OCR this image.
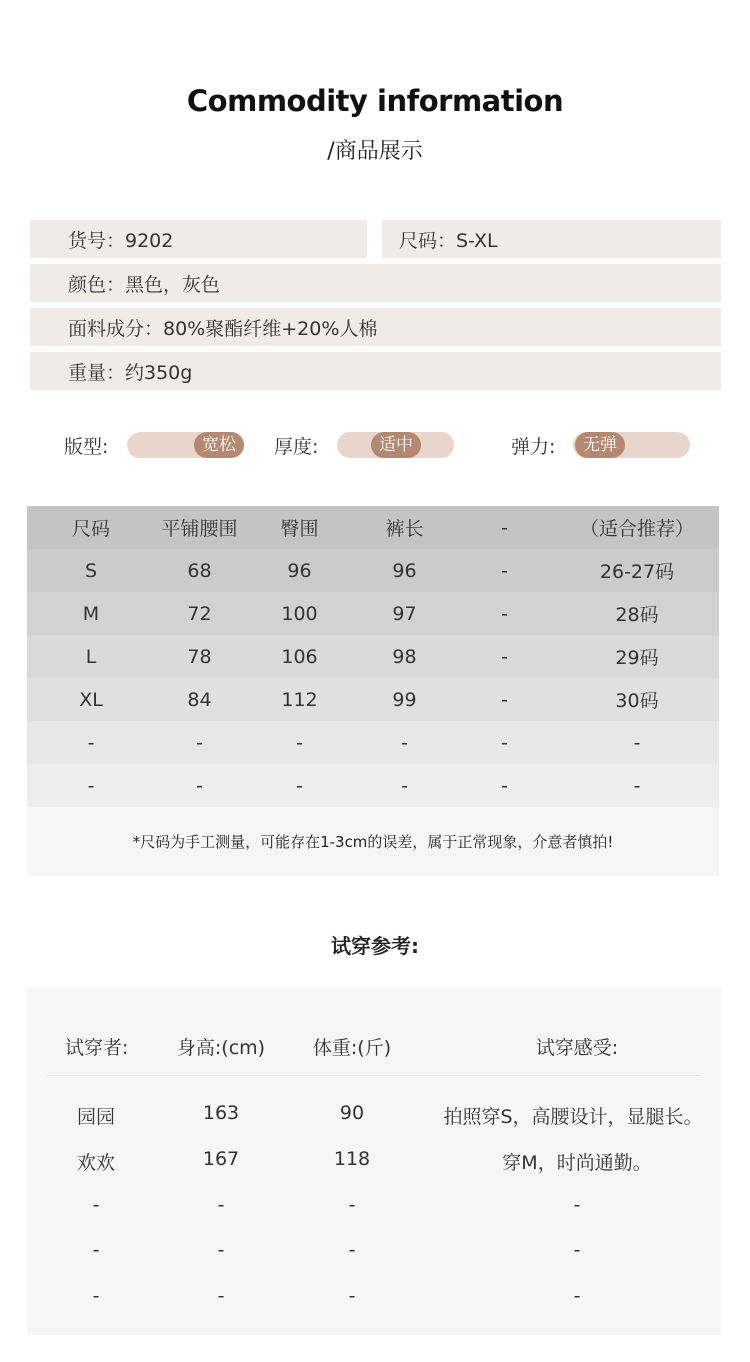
Commodity information
/商品展示
货号：9202	尺码：S-XL
颜色：黑色，灰色
面料成分：80%聚酯纤维+20%人棉
重量：约350g
版型:	宽松	厚度:	适中	弹力:	无弹
尺码	平铺腰围	臀围	裤长	-	（适合推荐）
S	68	96	96	-	26-27码
M	72	100	97	-	28码
L	78	106	98	-	29码
XL	84	112	99	-	30码
-	-	-	-	-	-
-	-	-	-	-	-
*尺码为手工测量，可能存在1-3cm的误差，属于正常现象，介意者慎拍!
试穿参考:
试穿者:	身高:(cm)	体重:(斤)	试穿感受:
园园	163	90	拍照穿S，高腰设计，显腿长。
欢欢	167	118	穿M，时尚通勤。
-	-	-	-
-	-	-	-
-	-	-	-
